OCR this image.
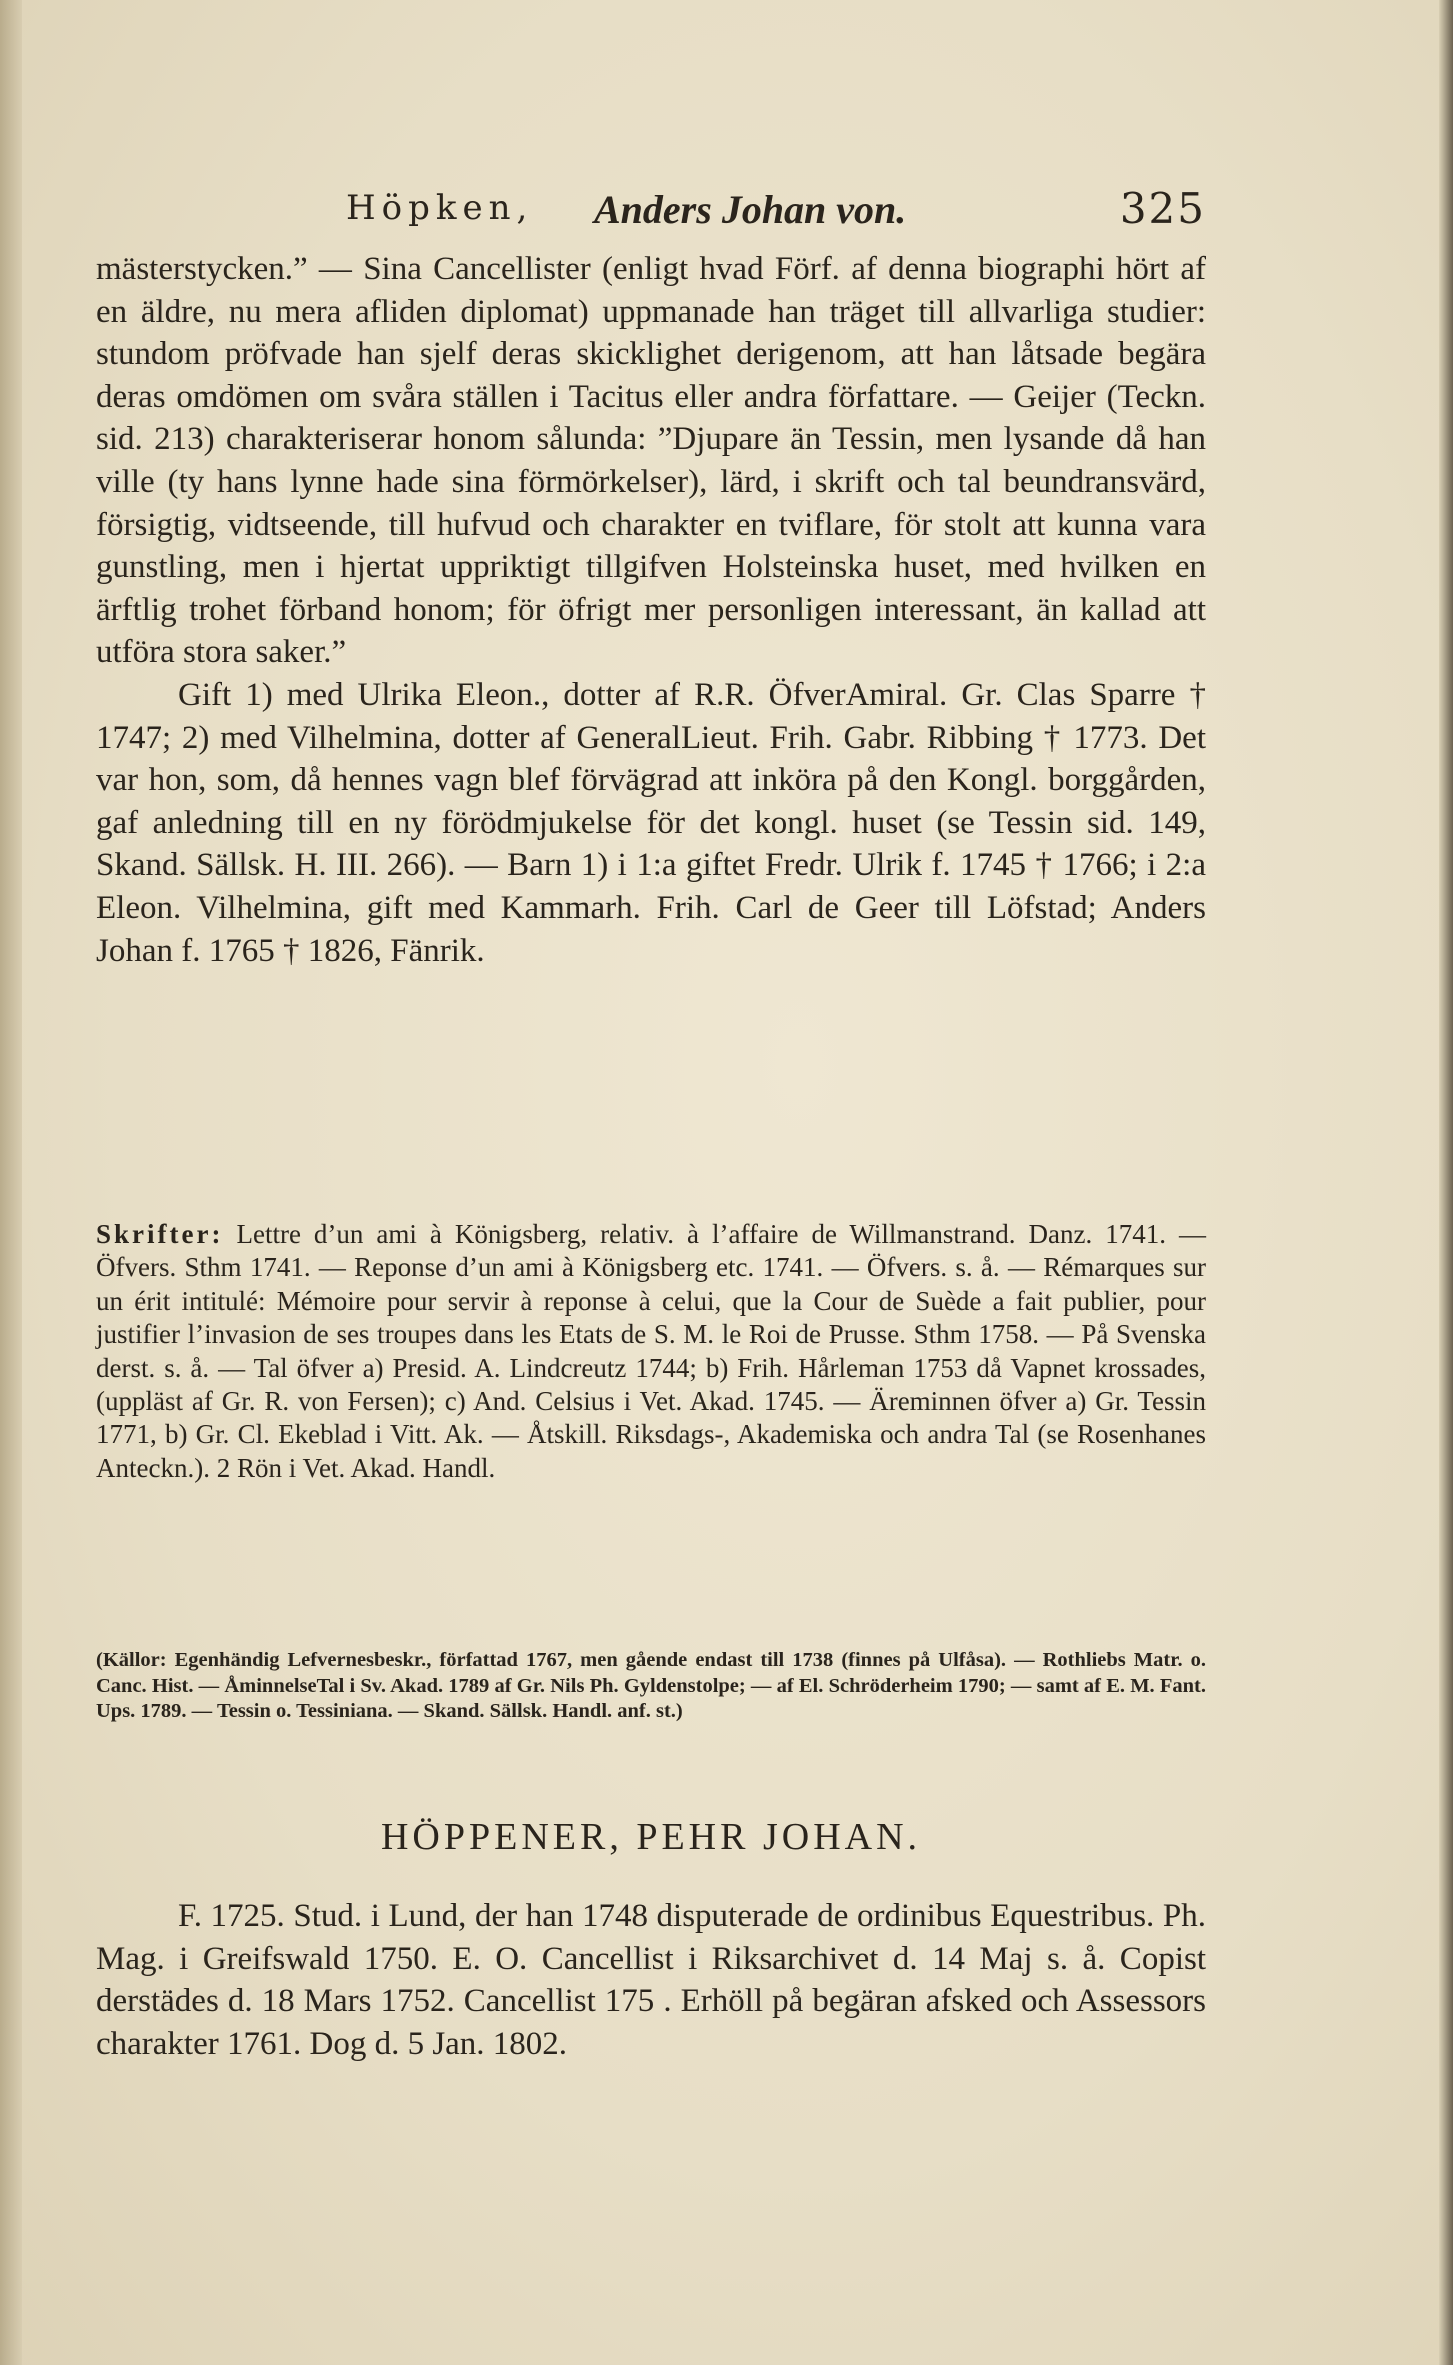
Höpken, Anders Johan von.	325

mästerstycken.” — Sina Cancellister (enligt hvad Förf. af denna biographi hört af en äldre, nu mera afliden diplomat) uppmanade han träget till allvarliga studier: stundom pröfvade han sjelf deras skicklighet derigenom, att han låtsade begära deras omdömen om svåra ställen i Tacitus eller andra författare. — Geijer (Teckn. sid. 213) charakteriserar honom sålunda: ”Djupare än Tessin, men lysande då han ville (ty hans lynne hade sina förmörkelser), lärd, i skrift och tal beundransvärd, försigtig, vidtseende, till hufvud och charakter en tviflare, för stolt att kunna vara gunstling, men i hjertat uppriktigt tillgifven Holsteinska huset, med hvilken en ärftlig trohet förband honom; för öfrigt mer personligen interessant, än kallad att utföra stora saker.”

Gift 1) med Ulrika Eleon., dotter af R.R. ÖfverAmiral. Gr. Clas Sparre † 1747; 2) med Vilhelmina, dotter af GeneralLieut. Frih. Gabr. Ribbing † 1773. Det var hon, som, då hennes vagn blef förvägrad att inköra på den Kongl. borggården, gaf anledning till en ny förödmjukelse för det kongl. huset (se Tessin sid. 149, Skand. Sällsk. H. III. 266). — Barn 1) i 1:a giftet Fredr. Ulrik f. 1745 † 1766; i 2:a Eleon. Vilhelmina, gift med Kammarh. Frih. Carl de Geer till Löfstad; Anders Johan f. 1765 † 1826, Fänrik.

Skrifter: Lettre d’un ami à Königsberg, relativ. à l’affaire de Willmanstrand. Danz. 1741. — Öfvers. Sthm 1741. — Reponse d’un ami à Königsberg etc. 1741. — Öfvers. s. å. — Rémarques sur un érit intitulé: Mémoire pour servir à reponse à celui, que la Cour de Suède a fait publier, pour justifier l’invasion de ses troupes dans les Etats de S. M. le Roi de Prusse. Sthm 1758. — På Svenska derst. s. å. — Tal öfver a) Presid. A. Lindcreutz 1744; b) Frih. Hårleman 1753 då Vapnet krossades, (uppläst af Gr. R. von Fersen); c) And. Celsius i Vet. Akad. 1745. — Äreminnen öfver a) Gr. Tessin 1771, b) Gr. Cl. Ekeblad i Vitt. Ak. — Åtskill. Riksdags-, Akademiska och andra Tal (se Rosenhanes Anteckn.). 2 Rön i Vet. Akad. Handl.
(Källor: Egenhändig Lefvernesbeskr., författad 1767, men gående endast till 1738 (finnes på Ulfåsa). — Rothliebs Matr. o. Canc. Hist. — ÅminnelseTal i Sv. Akad. 1789 af Gr. Nils Ph. Gyldenstolpe; — af El. Schröderheim 1790; — samt af E. M. Fant. Ups. 1789. — Tessin o. Tessiniana. — Skand. Sällsk. Handl. anf. st.)
HÖPPENER, PEHR JOHAN.
F. 1725. Stud. i Lund, der han 1748 disputerade de ordinibus Equestribus. Ph. Mag. i Greifswald 1750. E. O. Cancellist i Riksarchivet d. 14 Maj s. å. Copist derstädes d. 18 Mars 1752. Cancellist 175 . Erhöll på begäran afsked och Assessors charakter 1761. Dog d. 5 Jan. 1802.
